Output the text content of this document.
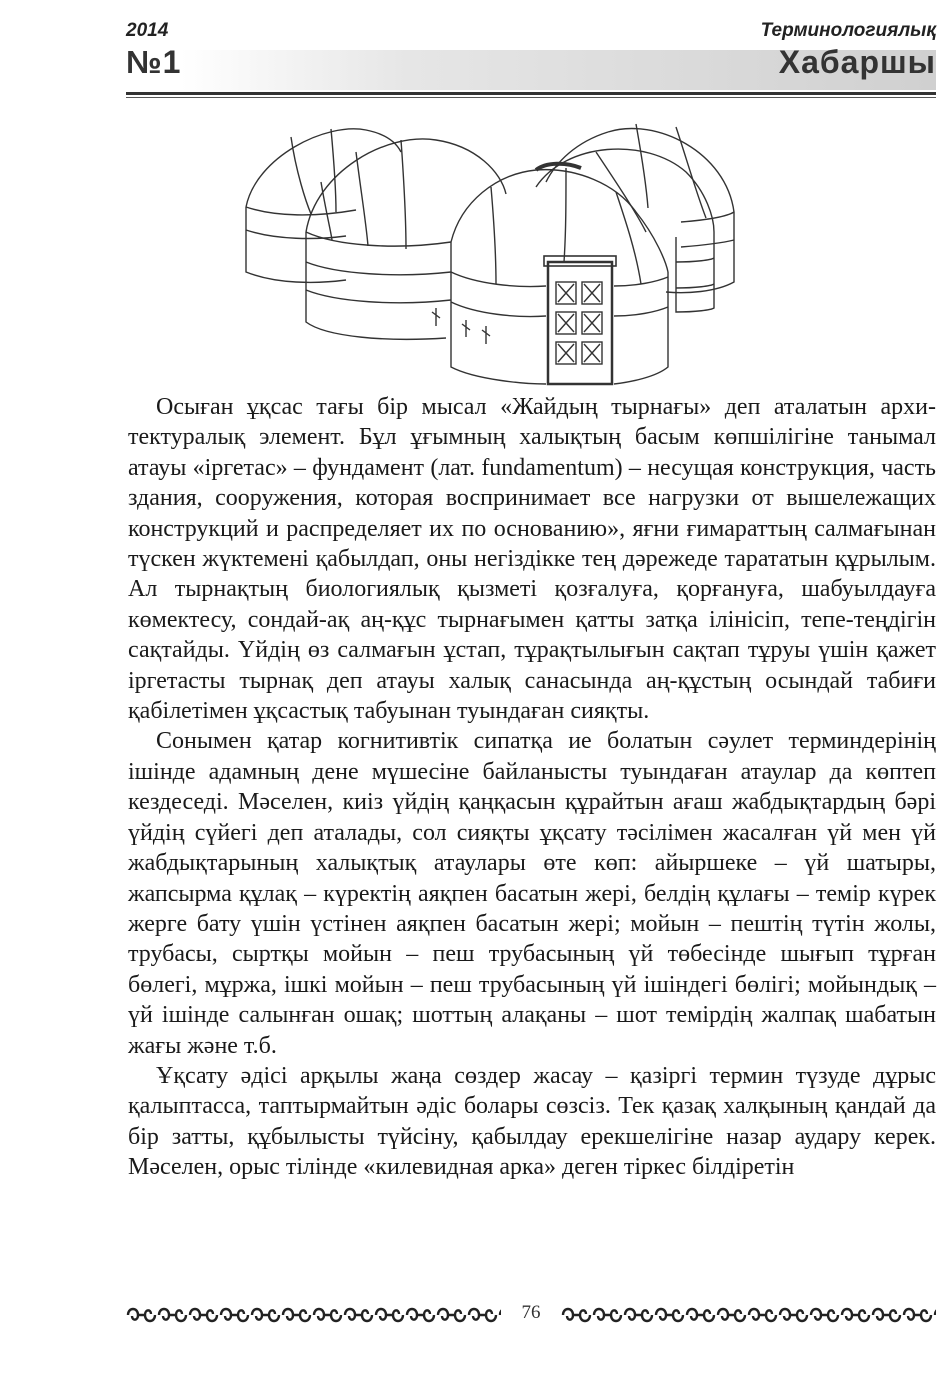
2014
№1
Терминологиялық
Хабаршы

Осыған ұқсас тағы бір мысал «Жайдың тырнағы» деп аталатын архитектуралық элемент. Бұл ұғымның халықтың басым көпшілігіне танымал атауы «іргетас» – фундамент (лат. fundamentum) – несущая конструкция, часть здания, сооружения, которая воспринимает все нагрузки от вышележащих конструкций и распределяет их по основанию», яғни ғимараттың салмағынан түскен жүктемені қабылдап, оны негіздікке тең дәрежеде тарататын құрылым. Ал тырнақтың биологиялық қызметі қозғалуға, қорғануға, шабуылдауға көмектесу, сондай-ақ аң-құс тырнағымен қатты затқа ілінісіп, тепе-теңдігін сақтайды. Үйдің өз салмағын ұстап, тұрақтылығын сақтап тұруы үшін қажет іргетасты тырнақ деп атауы халық санасында аң-құстың осындай табиғи қабілетімен ұқсастық табуынан туындаған сияқты.

Сонымен қатар когнитивтік сипатқа ие болатын сәулет терминдерінің ішінде адамның дене мүшесіне байланысты туындаған атаулар да көптеп кездеседі. Мәселен, киіз үйдің қаңқасын құрайтын ағаш жабдықтардың бәрі үйдің сүйегі деп аталады, сол сияқты ұқсату тәсілімен жасалған үй мен үй жабдықтарының халықтық атаулары өте көп: айыршеке – үй шатыры, жапсырма құлақ – күректің аяқпен басатын жері, белдің құлағы – темір күрек жерге бату үшін үстінен аяқпен басатын жері; мойын – пештің түтін жолы, трубасы, сыртқы мойын – пеш трубасының үй төбесінде шығып тұрған бөлегі, мұржа, ішкі мойын – пеш трубасының үй ішіндегі бөлігі; мойындық – үй ішінде салынған ошақ; шоттың алақаны – шот темірдің жалпақ шабатын жағы және т.б.

Ұқсату әдісі арқылы жаңа сөздер жасау – қазіргі термин түзуде дұрыс қалыптасса, таптырмайтын әдіс болары сөзсіз. Тек қазақ халқының қандай да бір затты, құбылысты түйсіну, қабылдау ерекшелігіне назар аудару керек. Мәселен, орыс тілінде «килевидная арка» деген тіркес білдіретін

76
